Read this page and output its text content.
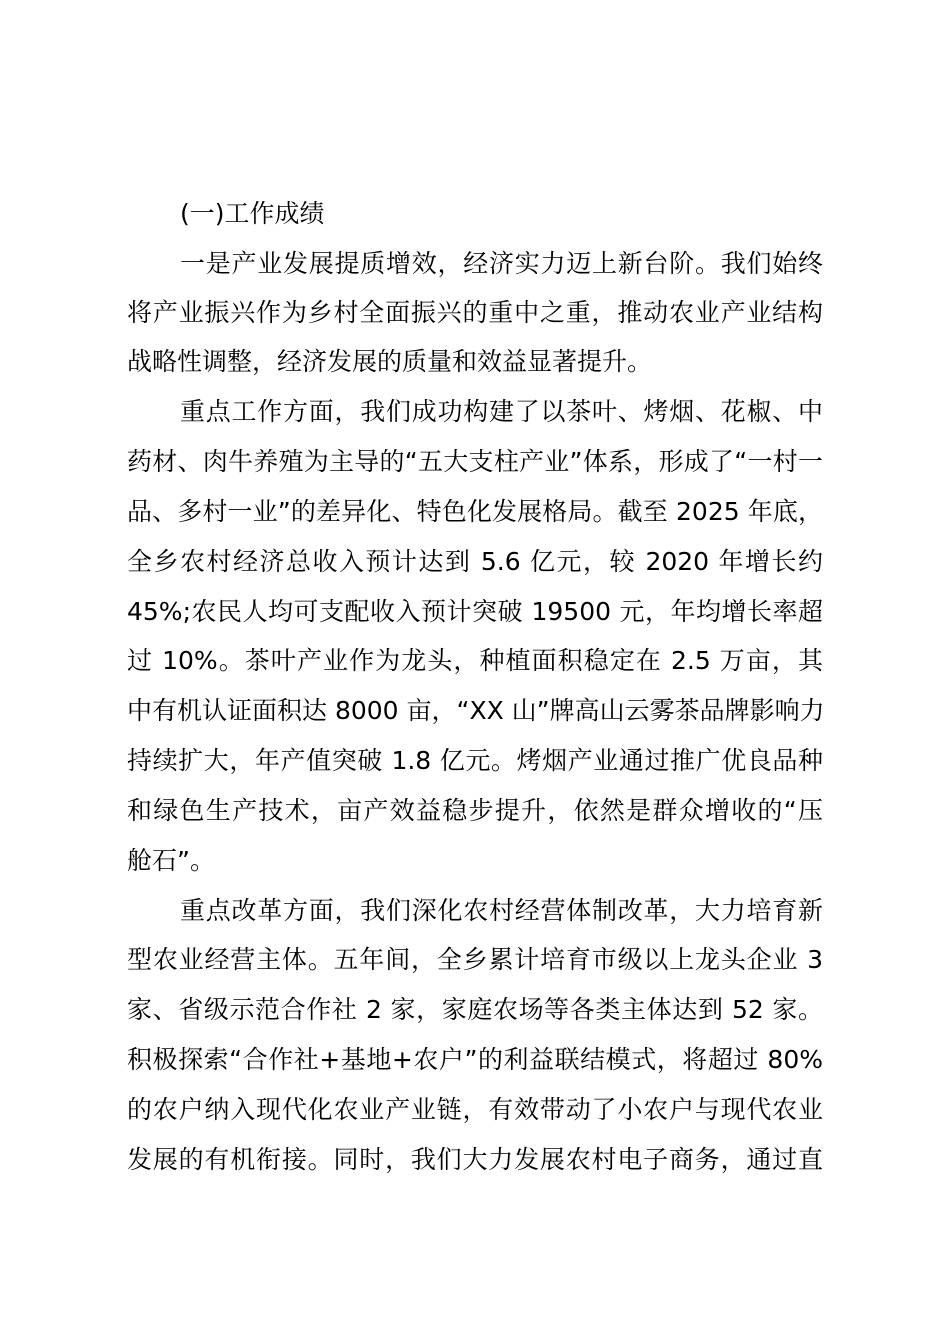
(一)工作成绩
一是产业发展提质增效，经济实力迈上新台阶。我们始终
将产业振兴作为乡村全面振兴的重中之重，推动农业产业结构
战略性调整，经济发展的质量和效益显著提升。
重点工作方面，我们成功构建了以茶叶、烤烟、花椒、中
药材、肉牛养殖为主导的“五大支柱产业”体系，形成了“一村一
品、多村一业”的差异化、特色化发展格局。截至 2025 年底，
全乡农村经济总收入预计达到 5.6 亿元，较 2020 年增长约
45%;农民人均可支配收入预计突破 19500 元，年均增长率超
过 10%。茶叶产业作为龙头，种植面积稳定在 2.5 万亩，其
中有机认证面积达 8000 亩，“XX 山”牌高山云雾茶品牌影响力
持续扩大，年产值突破 1.8 亿元。烤烟产业通过推广优良品种
和绿色生产技术，亩产效益稳步提升，依然是群众增收的“压
舱石”。
重点改革方面，我们深化农村经营体制改革，大力培育新
型农业经营主体。五年间，全乡累计培育市级以上龙头企业 3
家、省级示范合作社 2 家，家庭农场等各类主体达到 52 家。
积极探索“合作社+基地+农户”的利益联结模式，将超过 80%
的农户纳入现代化农业产业链，有效带动了小农户与现代农业
发展的有机衔接。同时，我们大力发展农村电子商务，通过直
